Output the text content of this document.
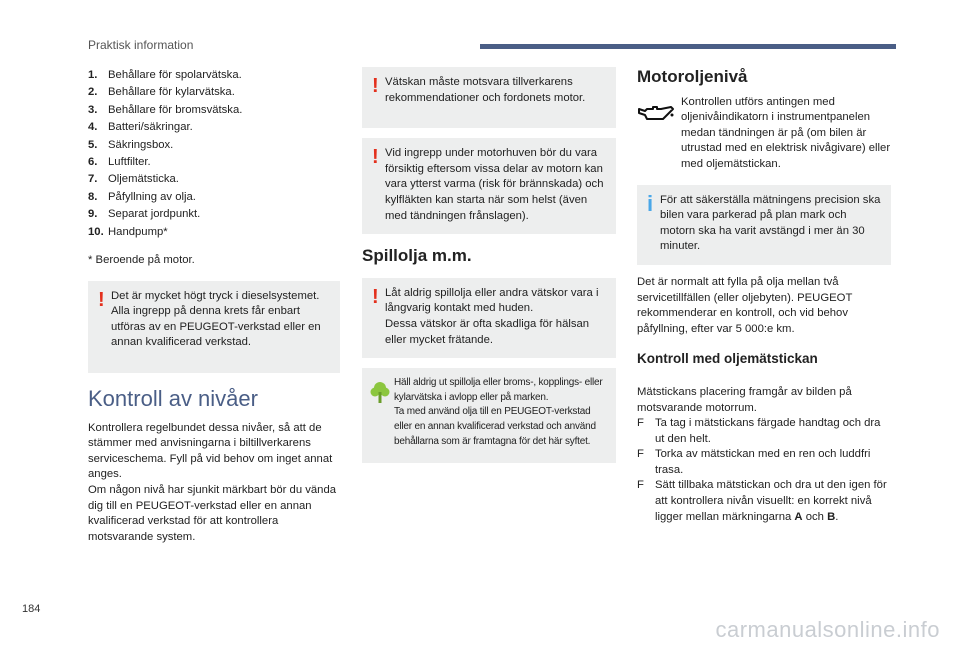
Praktisk information
1. Behållare för spolarvätska.
2. Behållare för kylarvätska.
3. Behållare för bromsvätska.
4. Batteri/säkringar.
5. Säkringsbox.
6. Luftfilter.
7. Oljemätsticka.
8. Påfyllning av olja.
9. Separat jordpunkt.
10. Handpump*
* Beroende på motor.
! Det är mycket högt tryck i dieselsystemet. Alla ingrepp på denna krets får enbart utföras av en PEUGEOT-verkstad eller en annan kvalificerad verkstad.

Kontroll av nivåer

Kontrollera regelbundet dessa nivåer, så att de stämmer med anvisningarna i biltillverkarens serviceschema. Fyll på vid behov om inget annat anges.

Om någon nivå har sjunkit märkbart bör du vända dig till en PEUGEOT-verkstad eller en annan kvalificerad verkstad för att kontrollera motsvarande system.

! Vätskan måste motsvara tillverkarens rekommendationer och fordonets motor.

! Vid ingrepp under motorhuven bör du vara försiktig eftersom vissa delar av motorn kan vara ytterst varma (risk för brännskada) och kylfläkten kan starta när som helst (även med tändningen frånslagen).

Spillolja m.m.
! Låt aldrig spillolja eller andra vätskor vara i långvarig kontakt med huden.

Dessa vätskor är ofta skadliga för hälsan eller mycket frätande.

Häll aldrig ut spillolja eller broms-, kopplings- eller kylarvätska i avlopp eller på marken.

Ta med använd olja till en PEUGEOT-verkstad eller en annan kvalificerad verkstad och använd behållarna som är framtagna för det här syftet.

Motoroljenivå

Kontrollen utförs antingen med oljenivåindikatorn i instrumentpanelen medan tändningen är på (om bilen är utrustad med en elektrisk nivågivare) eller med oljemätstickan.

i För att säkerställa mätningens precision ska bilen vara parkerad på plan mark och motorn ska ha varit avstängd i mer än 30 minuter.

Det är normalt att fylla på olja mellan två servicetillfällen (eller oljebyten). PEUGEOT rekommenderar en kontroll, och vid behov påfyllning, efter var 5 000:e km.

Kontroll med oljemätstickan

Mätstickans placering framgår av bilden på motsvarande motorrum.

F Ta tag i mätstickans färgade handtag och dra ut den helt.
F Torka av mätstickan med en ren och luddfri trasa.
F Sätt tillbaka mätstickan och dra ut den igen för att kontrollera nivån visuellt: en korrekt nivå ligger mellan märkningarna A och B.
184
carmanualsonline.info
